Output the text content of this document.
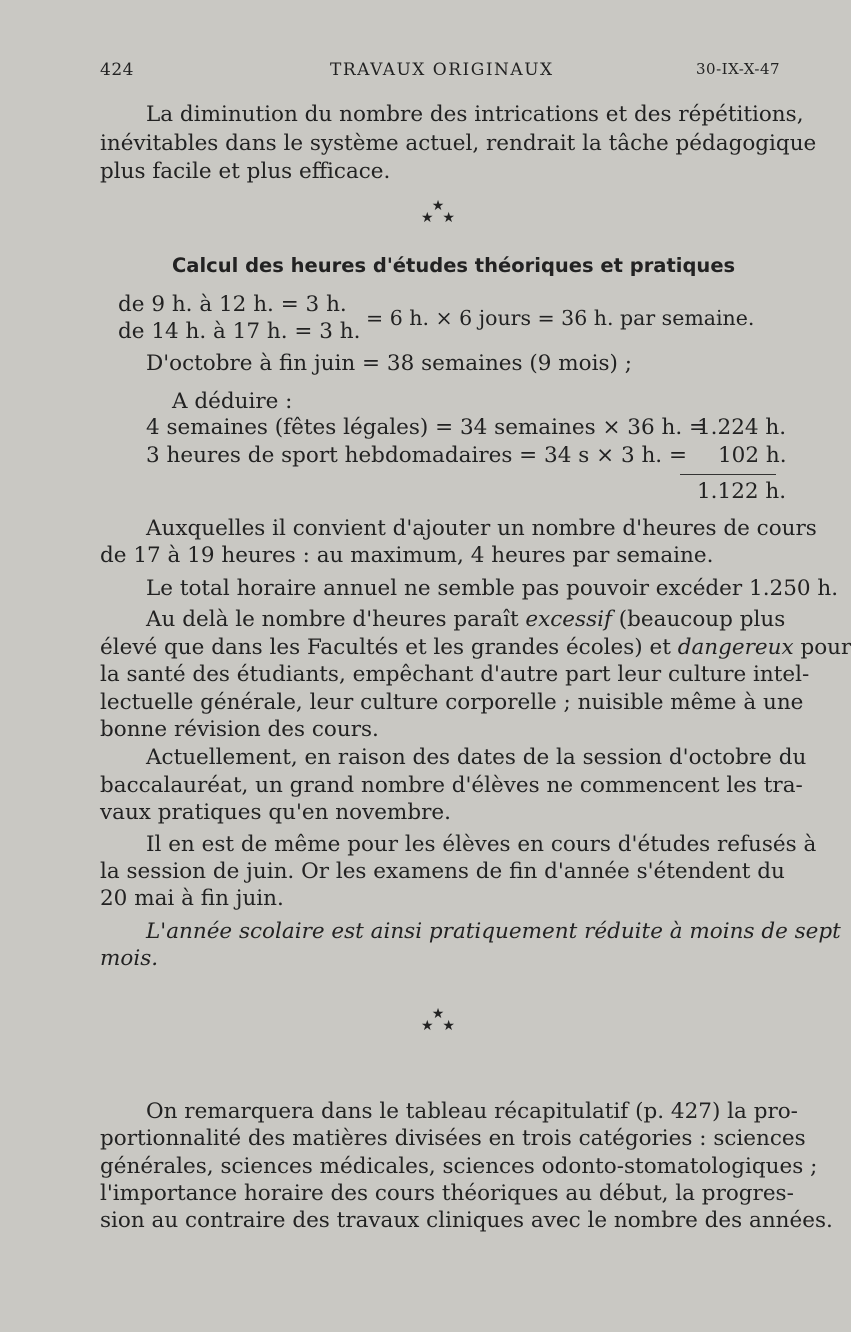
424	TRAVAUX ORIGINAUX	30-IX-X-47
La diminution du nombre des intrications et des répétitions,
inévitables dans le système actuel, rendrait la tâche pédagogique
plus facile et plus efficace.
★
★  ★
Calcul des heures d'études théoriques et pratiques
de 9 h. à 12 h. = 3 h.
de 14 h. à 17 h. = 3 h.
= 6 h. × 6 jours = 36 h. par semaine.
D'octobre à fin juin = 38 semaines (9 mois) ;
A déduire :
4 semaines (fêtes légales) = 34 semaines × 36 h. =
1.224 h.
3 heures de sport hebdomadaires = 34 s × 3 h. = 102 h.
1.122 h.
Auxquelles il convient d'ajouter un nombre d'heures de cours
de 17 à 19 heures : au maximum, 4 heures par semaine.
Le total horaire annuel ne semble pas pouvoir excéder 1.250 h.
Au delà le nombre d'heures paraît excessif (beaucoup plus
élevé que dans les Facultés et les grandes écoles) et dangereux pour
la santé des étudiants, empêchant d'autre part leur culture intel-
lectuelle générale, leur culture corporelle ; nuisible même à une
bonne révision des cours.
Actuellement, en raison des dates de la session d'octobre du
baccalauréat, un grand nombre d'élèves ne commencent les tra-
vaux pratiques qu'en novembre.
Il en est de même pour les élèves en cours d'études refusés à
la session de juin. Or les examens de fin d'année s'étendent du
20 mai à fin juin.
L'année scolaire est ainsi pratiquement réduite à moins de sept
mois.
★
★  ★
On remarquera dans le tableau récapitulatif (p. 427) la pro-
portionnalité des matières divisées en trois catégories : sciences
générales, sciences médicales, sciences odonto-stomatologiques ;
l'importance horaire des cours théoriques au début, la progres-
sion au contraire des travaux cliniques avec le nombre des années.
